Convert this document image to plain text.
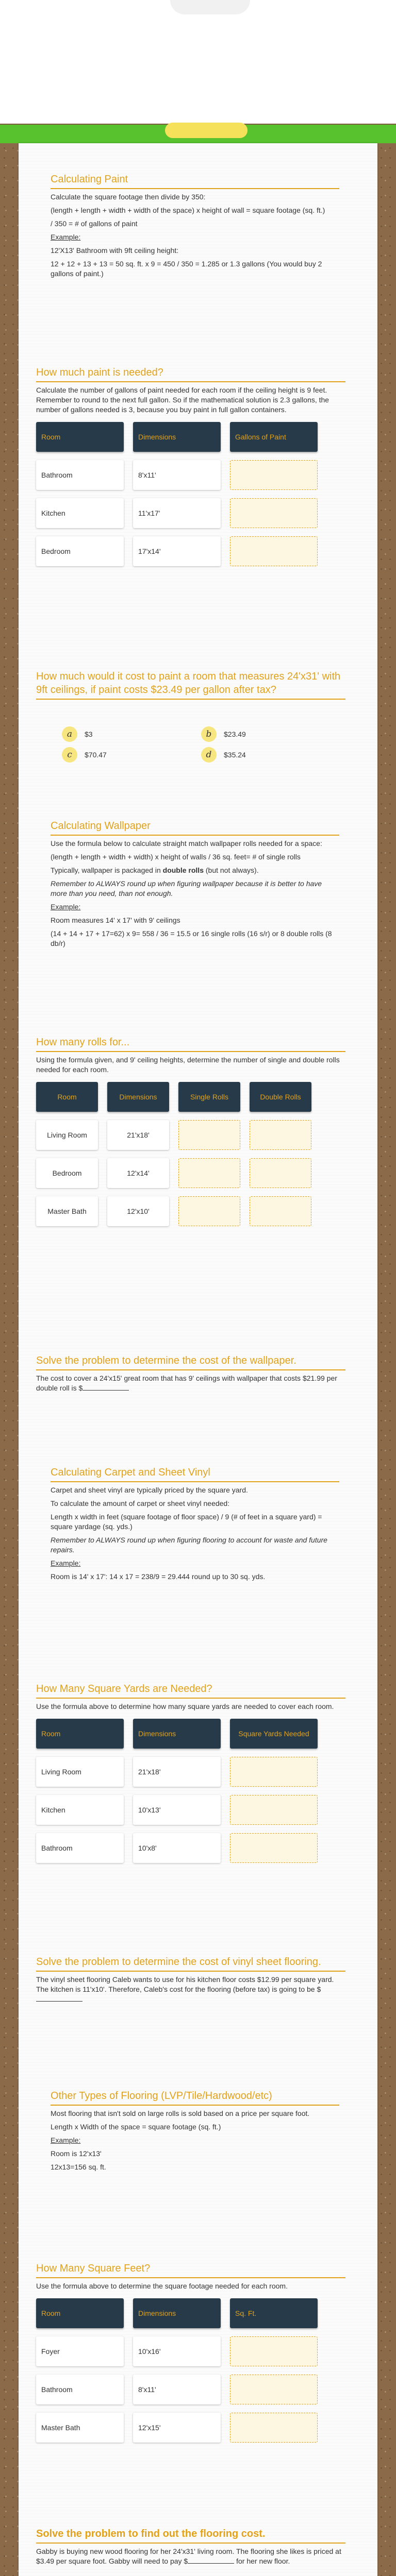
Calculating Paint
Calculate the square footage then divide by 350:
(length + length + width + width of the space) x height of wall = square footage (sq. ft.)
/ 350 = # of gallons of paint
Example:
12'X13' Bathroom with 9ft ceiling height:
12 + 12 + 13 + 13 = 50 sq. ft. x 9 = 450 / 350 = 1.285 or 1.3 gallons (You would buy 2 gallons of paint.)
How much paint is needed?
Calculate the number of gallons of paint needed for each room if the ceiling height is 9 feet. Remember to round to the next full gallon. So if the mathematical solution is 2.3 gallons, the number of gallons needed is 3, because you buy paint in full gallon containers.
Room	Dimensions	Gallons of Paint
Bathroom	8'x11'
Kitchen	11'x17'
Bedroom	17'x14'
How much would it cost to paint a room that measures 24'x31' with 9ft ceilings, if paint costs $23.49 per gallon after tax?
a	$3	b	$23.49
c	$70.47	d	$35.24
Calculating Wallpaper
Use the formula below to calculate straight match wallpaper rolls needed for a space:
(length + length + width + width) x height of walls / 36 sq. feet= # of single rolls
Typically, wallpaper is packaged in double rolls (but not always).
Remember to ALWAYS round up when figuring wallpaper because it is better to have more than you need, than not enough.
Example:
Room measures 14' x 17' with 9' ceilings
(14 + 14 + 17 + 17=62) x 9= 558 / 36 = 15.5 or 16 single rolls (16 s/r) or 8 double rolls (8 db/r)
How many rolls for...
Using the formula given, and 9' ceiling heights, determine the number of single and double rolls needed for each room.
Room	Dimensions	Single Rolls	Double Rolls
Living Room	21'x18'
Bedroom	12'x14'
Master Bath	12'x10'
Solve the problem to determine the cost of the wallpaper.
The cost to cover a 24'x15' great room that has 9' ceilings with wallpaper that costs $21.99 per double roll is $
Calculating Carpet and Sheet Vinyl
Carpet and sheet vinyl are typically priced by the square yard.
To calculate the amount of carpet or sheet vinyl needed:
Length x width in feet (square footage of floor space) / 9 (# of feet in a square yard) = square yardage (sq. yds.)
Remember to ALWAYS round up when figuring flooring to account for waste and future repairs.
Example:
Room is 14' x 17': 14 x 17 = 238/9 = 29.444 round up to 30 sq. yds.
How Many Square Yards are Needed?
Use the formula above to determine how many square yards are needed to cover each room.
Room	Dimensions	Square Yards Needed
Living Room	21'x18'
Kitchen	10'x13'
Bathroom	10'x8'
Solve the problem to determine the cost of vinyl sheet flooring.
The vinyl sheet flooring Caleb wants to use for his kitchen floor costs $12.99 per square yard. The kitchen is 11'x10'. Therefore, Caleb's cost for the flooring (before tax) is going to be $
Other Types of Flooring (LVP/Tile/Hardwood/etc)
Most flooring that isn't sold on large rolls is sold based on a price per square foot.
Length x Width of the space = square footage (sq. ft.)
Example:
Room is 12'x13'
12x13=156 sq. ft.
How Many Square Feet?
Use the formula above to determine the square footage needed for each room.
Room	Dimensions	Sq. Ft.
Foyer	10'x16'
Bathroom	8'x11'
Master Bath	12'x15'
Solve the problem to find out the flooring cost.
Gabby is buying new wood flooring for her 24'x31' living room. The flooring she likes is priced at $3.49 per square foot. Gabby will need to pay $	for her new floor.
